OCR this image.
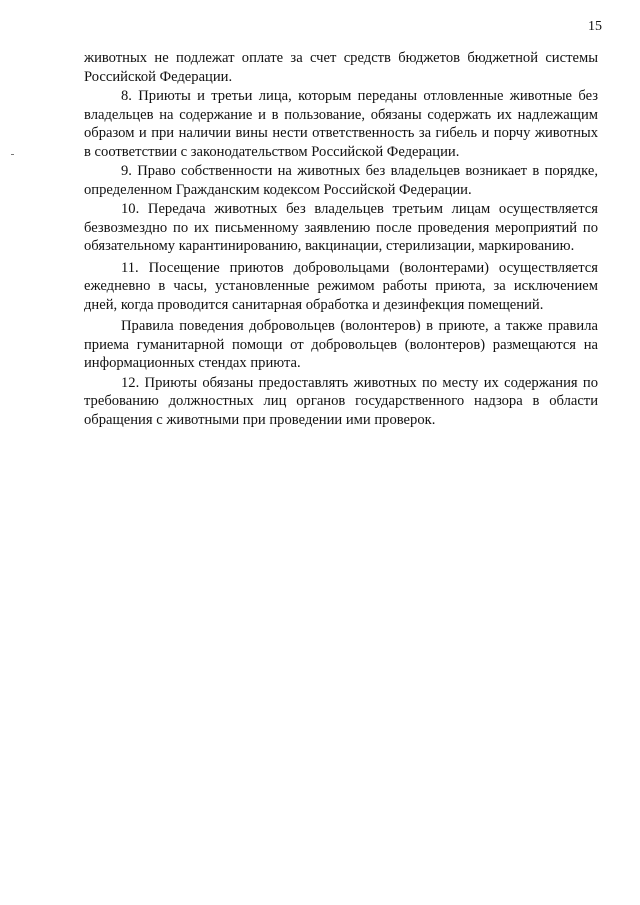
15

животных не подлежат оплате за счет средств бюджетов бюджетной системы Российской Федерации.

8. Приюты и третьи лица, которым переданы отловленные животные без владельцев на содержание и в пользование, обязаны содержать их надлежащим образом и при наличии вины нести ответственность за гибель и порчу животных в соответствии с законодательством Российской Федерации.

9. Право собственности на животных без владельцев возникает в порядке, определенном Гражданским кодексом Российской Федерации.

10. Передача животных без владельцев третьим лицам осуществляется безвозмездно по их письменному заявлению после проведения мероприятий по обязательному карантинированию, вакцинации, стерилизации, маркированию.

11. Посещение приютов добровольцами (волонтерами) осуществляется ежедневно в часы, установленные режимом работы приюта, за исключением дней, когда проводится санитарная обработка и дезинфекция помещений.

Правила поведения добровольцев (волонтеров) в приюте, а также правила приема гуманитарной помощи от добровольцев (волонтеров) размещаются на информационных стендах приюта.

12. Приюты обязаны предоставлять животных по месту их содержания по требованию должностных лиц органов государственного надзора в области обращения с животными при проведении ими проверок.
